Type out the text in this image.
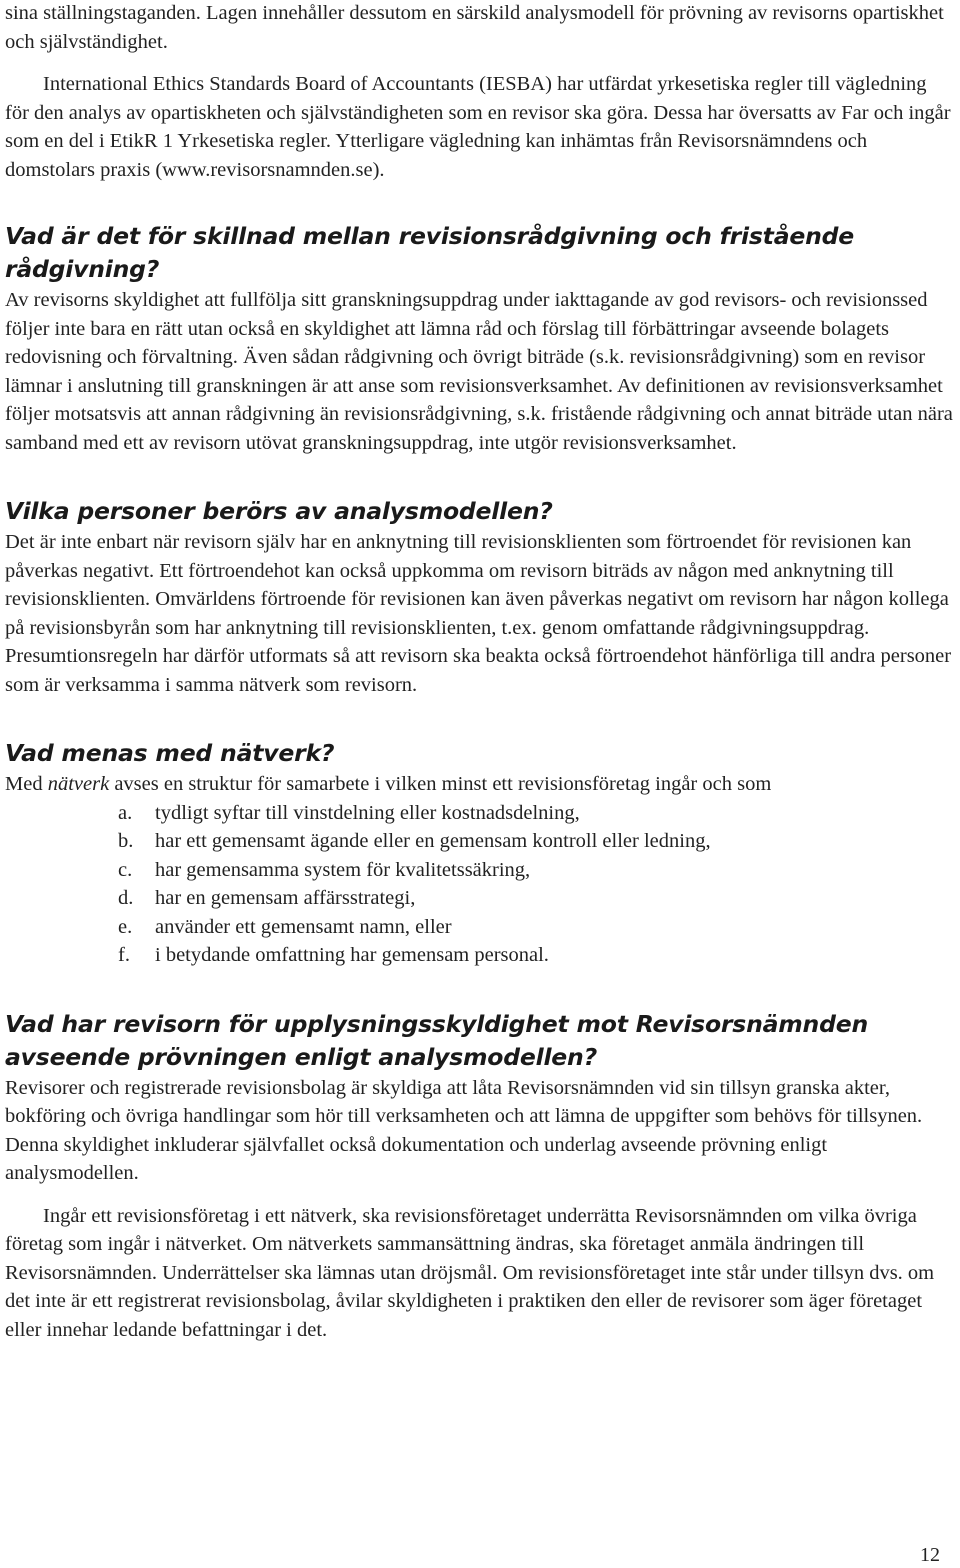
sina ställningstaganden. Lagen innehåller dessutom en särskild analysmodell för prövning av revisorns opartiskhet och självständighet.

International Ethics Standards Board of Accountants (IESBA) har utfärdat yrkesetiska regler till vägledning för den analys av opartiskheten och självständigheten som en revisor ska göra. Dessa har översatts av Far och ingår som en del i EtikR 1 Yrkesetiska regler. Ytterligare vägledning kan inhämtas från Revisorsnämndens och domstolars praxis (www.revisorsnamnden.se).

Vad är det för skillnad mellan revisionsrådgivning och fristående rådgivning?

Av revisorns skyldighet att fullfölja sitt granskningsuppdrag under iakttagande av god revisors- och revisionssed följer inte bara en rätt utan också en skyldighet att lämna råd och förslag till förbättringar avseende bolagets redovisning och förvaltning. Även sådan rådgivning och övrigt biträde (s.k. revisionsrådgivning) som en revisor lämnar i anslutning till granskningen är att anse som revisionsverksamhet. Av definitionen av revisionsverksamhet följer motsatsvis att annan rådgivning än revisionsrådgivning, s.k. fristående rådgivning och annat biträde utan nära samband med ett av revisorn utövat granskningsuppdrag, inte utgör revisionsverksamhet.

Vilka personer berörs av analysmodellen?

Det är inte enbart när revisorn själv har en anknytning till revisionsklienten som förtroendet för revisionen kan påverkas negativt. Ett förtroendehot kan också uppkomma om revisorn biträds av någon med anknytning till revisionsklienten. Omvärldens förtroende för revisionen kan även påverkas negativt om revisorn har någon kollega på revisionsbyrån som har anknytning till revisionsklienten, t.ex. genom omfattande rådgivningsuppdrag. Presumtionsregeln har därför utformats så att revisorn ska beakta också förtroendehot hänförliga till andra personer som är verksamma i samma nätverk som revisorn.

Vad menas med nätverk?

Med nätverk avses en struktur för samarbete i vilken minst ett revisionsföretag ingår och som

a. tydligt syftar till vinstdelning eller kostnadsdelning,
b. har ett gemensamt ägande eller en gemensam kontroll eller ledning,
c. har gemensamma system för kvalitetssäkring,
d. har en gemensam affärsstrategi,
e. använder ett gemensamt namn, eller
f. i betydande omfattning har gemensam personal.
Vad har revisorn för upplysningsskyldighet mot Revisorsnämnden avseende prövningen enligt analysmodellen?

Revisorer och registrerade revisionsbolag är skyldiga att låta Revisorsnämnden vid sin tillsyn granska akter, bokföring och övriga handlingar som hör till verksamheten och att lämna de uppgifter som behövs för tillsynen. Denna skyldighet inkluderar självfallet också dokumentation och underlag avseende prövning enligt analysmodellen.

Ingår ett revisionsföretag i ett nätverk, ska revisionsföretaget underrätta Revisorsnämnden om vilka övriga företag som ingår i nätverket. Om nätverkets sammansättning ändras, ska företaget anmäla ändringen till Revisorsnämnden. Underrättelser ska lämnas utan dröjsmål. Om revisionsföretaget inte står under tillsyn dvs. om det inte är ett registrerat revisionsbolag, åvilar skyldigheten i praktiken den eller de revisorer som äger företaget eller innehar ledande befattningar i det.

12
